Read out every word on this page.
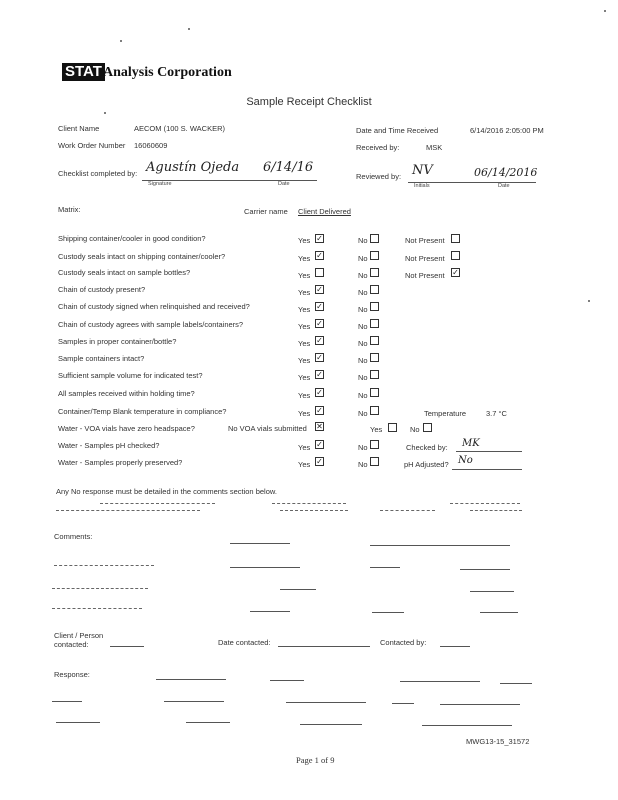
STAT Analysis Corporation
Sample Receipt Checklist
Client Name	AECOM (100 S. WACKER)	Date and Time Received	6/14/2016 2:05:00 PM
Work Order Number 16060609	Received by:	MSK
Checklist completed by: Agustín Ojeda 6/14/16
Signature	Date
Reviewed by: NV	06/14/2016
Initials	Date
Matrix:	Carrier name Client Delivered
Shipping container/cooler in good condition?	Yes ✓	No	Not Present
Custody seals intact on shipping container/cooler?	Yes ✓	No	Not Present
Custody seals intact on sample bottles?	Yes	No	Not Present ✓
Chain of custody present?	Yes ✓	No
Chain of custody signed when relinquished and received?	Yes ✓	No
Chain of custody agrees with sample labels/containers?	Yes ✓	No
Samples in proper container/bottle?	Yes ✓	No
Sample containers intact?	Yes ✓	No
Sufficient sample volume for indicated test?	Yes ✓	No
All samples received within holding time?	Yes ✓	No
Container/Temp Blank temperature in compliance?	Yes ✓	No	Temperature	3.7 °C
Water - VOA vials have zero headspace?	No VOA vials submitted ✕	Yes	No
Water - Samples pH checked?	Yes ✓	No	Checked by: MK
Water - Samples properly preserved?	Yes ✓	No	pH Adjusted? No
Any No response must be detailed in the comments section below.
Comments:
Client / Person contacted:	Date contacted:	Contacted by:
Response:
MWG13-15_31572
Page 1 of 9
